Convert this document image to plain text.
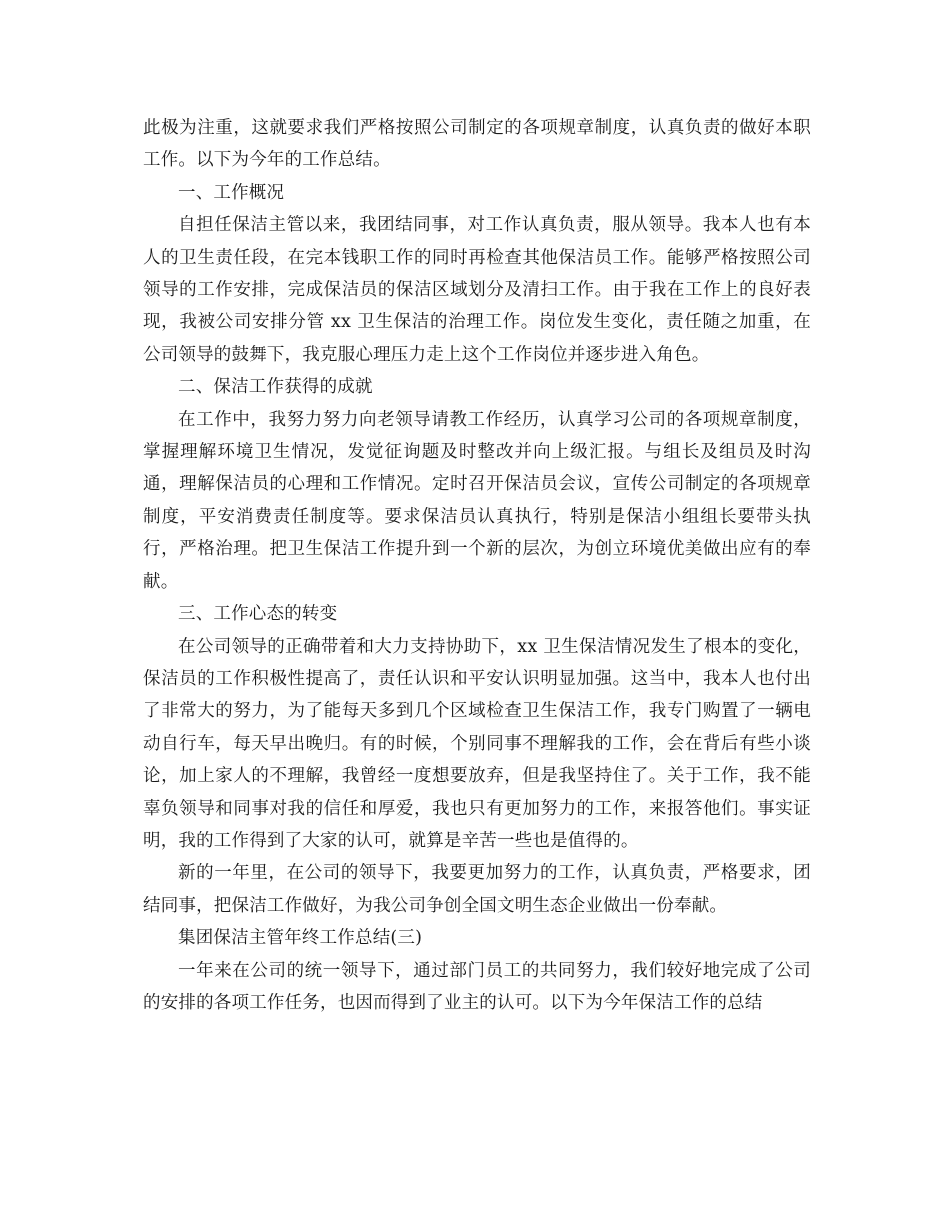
此极为注重，这就要求我们严格按照公司制定的各项规章制度，认真负责的做好本职工作。以下为今年的工作总结。

一、工作概况

自担任保洁主管以来，我团结同事，对工作认真负责，服从领导。我本人也有本人的卫生责任段，在完本钱职工作的同时再检查其他保洁员工作。能够严格按照公司领导的工作安排，完成保洁员的保洁区域划分及清扫工作。由于我在工作上的良好表现，我被公司安排分管 xx 卫生保洁的治理工作。岗位发生变化，责任随之加重，在公司领导的鼓舞下，我克服心理压力走上这个工作岗位并逐步进入角色。

二、保洁工作获得的成就

在工作中，我努力努力向老领导请教工作经历，认真学习公司的各项规章制度，掌握理解环境卫生情况，发觉征询题及时整改并向上级汇报。与组长及组员及时沟通，理解保洁员的心理和工作情况。定时召开保洁员会议，宣传公司制定的各项规章制度，平安消费责任制度等。要求保洁员认真执行，特别是保洁小组组长要带头执行，严格治理。把卫生保洁工作提升到一个新的层次，为创立环境优美做出应有的奉献。

三、工作心态的转变

在公司领导的正确带着和大力支持协助下，xx 卫生保洁情况发生了根本的变化，保洁员的工作积极性提高了，责任认识和平安认识明显加强。这当中，我本人也付出了非常大的努力，为了能每天多到几个区域检查卫生保洁工作，我专门购置了一辆电动自行车，每天早出晚归。有的时候，个别同事不理解我的工作，会在背后有些小谈论，加上家人的不理解，我曾经一度想要放弃，但是我坚持住了。关于工作，我不能辜负领导和同事对我的信任和厚爱，我也只有更加努力的工作，来报答他们。事实证明，我的工作得到了大家的认可，就算是辛苦一些也是值得的。

新的一年里，在公司的领导下，我要更加努力的工作，认真负责，严格要求，团结同事，把保洁工作做好，为我公司争创全国文明生态企业做出一份奉献。

集团保洁主管年终工作总结(三)

一年来在公司的统一领导下，通过部门员工的共同努力，我们较好地完成了公司的安排的各项工作任务，也因而得到了业主的认可。以下为今年保洁工作的总结
